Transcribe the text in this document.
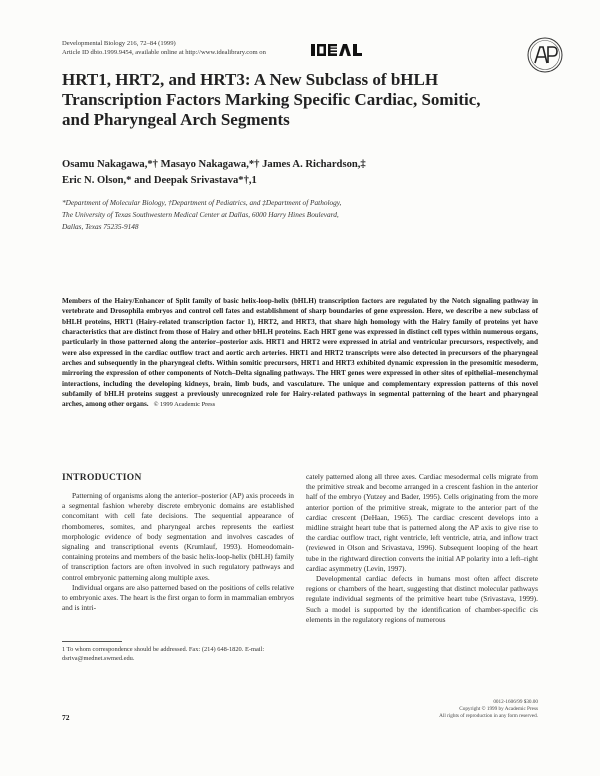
Developmental Biology 216, 72–84 (1999)
Article ID dbio.1999.9454, available online at http://www.idealibrary.com on
HRT1, HRT2, and HRT3: A New Subclass of bHLH Transcription Factors Marking Specific Cardiac, Somitic, and Pharyngeal Arch Segments
Osamu Nakagawa,*† Masayo Nakagawa,*† James A. Richardson,‡
Eric N. Olson,* and Deepak Srivastava*†,1
*Department of Molecular Biology, †Department of Pediatrics, and ‡Department of Pathology,
The University of Texas Southwestern Medical Center at Dallas, 6000 Harry Hines Boulevard,
Dallas, Texas 75235-9148
Members of the Hairy/Enhancer of Split family of basic helix-loop-helix (bHLH) transcription factors are regulated by the Notch signaling pathway in vertebrate and Drosophila embryos and control cell fates and establishment of sharp boundaries of gene expression. Here, we describe a new subclass of bHLH proteins, HRT1 (Hairy-related transcription factor 1), HRT2, and HRT3, that share high homology with the Hairy family of proteins yet have characteristics that are distinct from those of Hairy and other bHLH proteins. Each HRT gene was expressed in distinct cell types within numerous organs, particularly in those patterned along the anterior–posterior axis. HRT1 and HRT2 were expressed in atrial and ventricular precursors, respectively, and were also expressed in the cardiac outflow tract and aortic arch arteries. HRT1 and HRT2 transcripts were also detected in precursors of the pharyngeal arches and subsequently in the pharyngeal clefts. Within somitic precursors, HRT1 and HRT3 exhibited dynamic expression in the presomitic mesoderm, mirroring the expression of other components of Notch–Delta signaling pathways. The HRT genes were expressed in other sites of epithelial–mesenchymal interactions, including the developing kidneys, brain, limb buds, and vasculature. The unique and complementary expression patterns of this novel subfamily of bHLH proteins suggest a previously unrecognized role for Hairy-related pathways in segmental patterning of the heart and pharyngeal arches, among other organs. © 1999 Academic Press
INTRODUCTION

Patterning of organisms along the anterior–posterior (AP) axis proceeds in a segmental fashion whereby discrete embryonic domains are established concomitant with cell fate decisions. The sequential appearance of rhombomeres, somites, and pharyngeal arches represents the earliest morphologic evidence of body segmentation and involves cascades of signaling and transcriptional events (Krumlauf, 1993). Homeodomain-containing proteins and members of the basic helix-loop-helix (bHLH) family of transcription factors are often involved in such regulatory pathways and control embryonic patterning along multiple axes.

Individual organs are also patterned based on the positions of cells relative to embryonic axes. The heart is the first organ to form in mammalian embryos and is intri-

cately patterned along all three axes. Cardiac mesodermal cells migrate from the primitive streak and become arranged in a crescent fashion in the anterior half of the embryo (Yutzey and Bader, 1995). Cells originating from the more anterior portion of the primitive streak, migrate to the anterior part of the cardiac crescent (DeHaan, 1965). The cardiac crescent develops into a midline straight heart tube that is patterned along the AP axis to give rise to the cardiac outflow tract, right ventricle, left ventricle, atria, and inflow tract (reviewed in Olson and Srivastava, 1996). Subsequent looping of the heart tube in the rightward direction converts the initial AP polarity into a left–right cardiac asymmetry (Levin, 1997).

Developmental cardiac defects in humans most often affect discrete regions or chambers of the heart, suggesting that distinct molecular pathways regulate individual segments of the primitive heart tube (Srivastava, 1999). Such a model is supported by the identification of chamber-specific cis elements in the regulatory regions of numerous

1 To whom correspondence should be addressed. Fax: (214) 648-1820. E-mail: dsriva@mednet.swmed.edu.
72
0012-1606/99 $30.00
Copyright © 1999 by Academic Press
All rights of reproduction in any form reserved.
